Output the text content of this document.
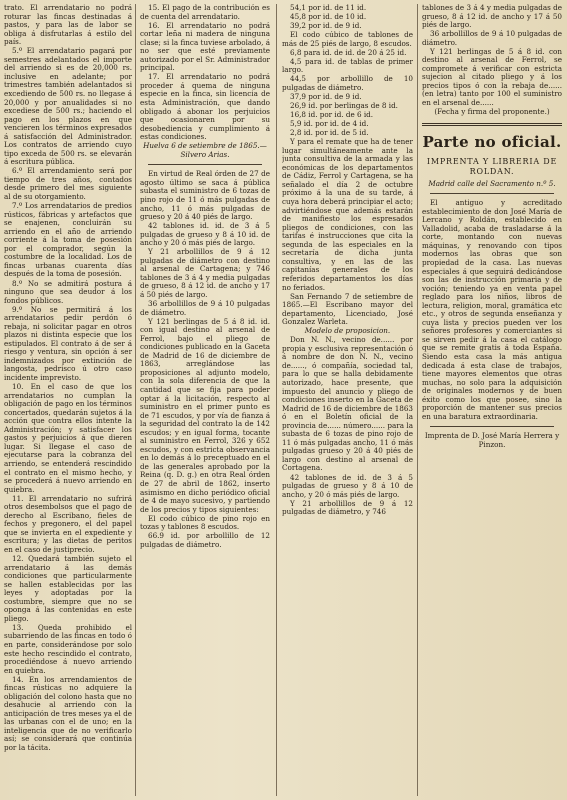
trato. El arrendatario no podrá roturar las fincas destinadas á pastos, y para las de labor se obliga á disfrutarlas á estilo del país.

5.º El arrendatario pagará por semestres adelantados el importe del arriendo si es de 20,000 rs. inclusive en adelante; por trimestres también adelantados si excediendo de 500 rs. no llegase á 20,000 y por anualidades si no excediese de 500 rs.; haciendo el pago en los plazos en que vencieren los términos expresados á satisfacción del Administrador. Los contratos de arriendo cuyo tipo exceda de 500 rs. se elevarán á escritura pública.

6.º El arrendamiento será por tiempo de tres años, contados desde primero del mes siguiente al de su otorgamiento.

7.º Los arrendatarios de predios rústicos, fábricas y artefactos que se enajenen, concluirán su arriendo en el año de arriendo corriente á la toma de posesión por el comprador, según la costumbre de la localidad. Los de fincas urbanas cuarenta días después de la toma de posesión.

8.º No se admitirá postura á ninguno que sea deudor á los fondos públicos.

9.º No se permitirá á los arrendatarios pedir perdón ó rebaja, ni solicitar pagar en otros plazos ni distinta especie que los estipulados. El contrato á de ser á riesgo y ventura, sin opción á ser indemnizados por extinción de langosta, pedrisco ú otro caso incidente imprevisto.

10. En el caso de que los arrendatarios no cumplan la obligación de pago en los términos concertados, quedarán sujetos á la acción que contra ellos intente la Administración; y satisfacer los gastos y perjuicios á que dieren lugar. Si llegase el caso de ejecutarse para la cobranza del arriendo, se entenderá rescindido el contrato en el mismo hecho, y se procederá á nuevo arriendo en quiebra.

11. El arrendatario no sufrirá otros desembolsos que el pago de derecho al Escribano, fieles de fechos y pregonero, el del papel que se invierta en el expediente y escritura; y las dietas de peritos en el caso de justiprecio.

12. Quedará también sujeto el arrendatario á las demás condiciones que particularmente se hallen establecidas por las leyes y adoptadas por la costumbre, siempre que no se oponga á las contenidas en este pliego.

13. Queda prohibido el subarriendo de las fincas en todo ó en parte, considerándose por solo este hecho rescindido el contrato, procediéndose á nuevo arriendo en quiebra.

14. En los arrendamientos de fincas rústicas no adquiere la obligación del colono hasta que no desahucie al arriendo con la anticipación de tres meses ya el de las urbanas con el de uno; en la inteligencia que de no verificarlo así; se considerará que continúa por la tácita.

15. El pago de la contribución es de cuenta del arrendatario.

16. El arrendatario no podrá cortar leña ni madera de ninguna clase; si la finca tuviese arbolado, á no ser que esté previamente autorizado por el Sr. Administrador principal.

17. El arrendatario no podrá proceder á quema de ninguna especie en la finca, sin licencia de esta Administración, que dando obligado á abonar los perjuicios que ocasionaren por su desobediencia y cumplimiento á estas condiciones.

Huelva 6 de setiembre de 1865.— Silvero Arias.

En virtud de Real órden de 27 de agosto último se saca á pública subasta el suministro de 6 tozas de pino rojo de 11 ó más pulgadas de ancho, 11 ó más pulgadas de grueso y 20 á 40 piés de largo.

42 tablones id. id. de 3 á 5 pulgadas de grueso y 8 á 10 id. de ancho y 20 ó más piés de largo.

Y 21 arbollillos de 9 á 12 pulgadas de diámetro con destino al arsenal de Cartagena; y 746 tablones de 3 á 4 y media pulgadas de grueso, 8 á 12 id. de ancho y 17 á 50 piés de largo.

36 arbollillos de 9 á 10 pulgadas de diámetro.

Y 121 berlingas de 5 á 8 id. id. con igual destino al arsenal de Ferrol, bajo el pliego de condiciones publicado en la Gaceta de Madrid de 16 de diciembre de 1863, arreglándose las proposiciones al adjunto modelo, con la sola diferencia de que la cantidad que se fija para poder optar á la licitación, respecto al suministro en el primer punto es de 71 escudos, y por vía de fianza á la seguridad del contrato la de 142 escudos; y en igual forma, tocante al suministro en Ferrol, 326 y 652 escudos, y con estricta observancia en lo demás á lo preceptuado en el de las generales aprobado por la Reina (q. D. g.) en otra Real órden de 27 de abril de 1862, inserto asimismo en dicho periódico oficial de 4 de mayo sucesivo, y partiendo de los precios y tipos siguientes:

El codo cúbico de pino rojo en tozas y tablones 8 escudos.

66.9 id. por arbollillo de 12 pulgadas de diámetro.

54,1 por id. de 11 id.

45,8 por id. de 10 id.

39,2 por id. de 9 id.

El codo cúbico de tablones de más de 25 piés de largo, 8 escudos.

6,8 para id. de id. de 20 á 25 id.

4,5 para id. de tablas de primer largo.

44,5 por arbollillo de 10 pulgadas de diámetro.

37,9 por id. de 9 id.

26,9 id. por berlingas de 8 id.

16,8 id. por id. de 6 id.

5,9 id. por id. de 4 id.

2,8 id. por id. de 5 id.

Y para el remate que ha de tener lugar simultáneamente ante la junta consultiva de la armada y las económicas de los departamentos de Cádiz, Ferrol y Cartagena, se ha señalado el día 2 de octubre próximo á la una de su tarde, á cuya hora deberá principiar el acto; advirtiéndose que además estarán de manifiesto los espresados pliegos de condiciones, con las tarifas é instrucciones que cita la segunda de las especiales en la secretaría de dicha junta consultiva, y en las de las capitanías generales de los referidos departamentos los días no feriados.

San Fernando 7 de setiembre de 1865.—El Escribano mayor del departamento, Licenciado, José Gonzalez Warleta.

Modelo de proposicion.

Don N. N., vecino de...... por propia y esclusiva representación ó á nombre de don N. N., vecino de......, ó compañía, sociedad tal, para lo que se halla debidamente autorizado, hace presente, que impuesto del anuncio y pliego de condiciones inserto en la Gaceta de Madrid de 16 de diciembre de 1863 ó en el Boletín oficial de la provincia de...... número...... para la subasta de 6 tozas de pino rojo de 11 ó más pulgadas ancho, 11 ó más pulgadas grueso y 20 á 40 piés de largo con destino al arsenal de Cortagena.

42 tablones de id. de 3 á 5 pulgadas de grueso y 8 á 10 de ancho, y 20 ó más piés de largo.

Y 21 arbollillos de 9 á 12 pulgadas de diámetro, y 746

tablones de 3 á 4 y media pulgadas de grueso, 8 á 12 id. de ancho y 17 á 50 piés de largo.

36 arbollillos de 9 á 10 pulgadas de diámetro.

Y 121 berlingas de 5 á 8 id. con destino al arsenal de Ferrol, se compromete á verificar con estricta sujecion al citado pliego y á los precios tipos ó con la rebaja de...... (en letra) tanto por 100 el suministro en el arsenal de......

(Fecha y firma del proponente.)

Parte no oficial.
IMPRENTA Y LIBRERIA DE ROLDAN.

Madrid calle del Sacramento n.º 5.

El antiguo y acreditado establecimiento de don José María de Lercano y Roldán, establecido en Valladolid, acaba de trasladarse á la corte, montando con nuevas máquinas, y renovando con tipos modernos las obras que son propiedad de la casa. Las nuevas especiales á que seguirá dedicándose son las de instrucción primaria y de voción; teniendo ya en venta papel reglado para los niños, libros de lectura, religion, moral, gramática etc etc., y otros de segunda enseñanza y cuya lista y precios pueden ver los señores profesores y comerciantes si se sirven pedir á la casa el catálogo que se remite gratis á toda España. Siendo esta casa la más antigua dedicada á esta clase de trabajos, tiene mayores elementos que otras muchas, no solo para la adquisición de originales modernos y de buen éxito como los que posee, sino la proporción de mantener sus precios en una baratura extraordinaria.

Imprenta de D. José María Herrera y Pinzon.
